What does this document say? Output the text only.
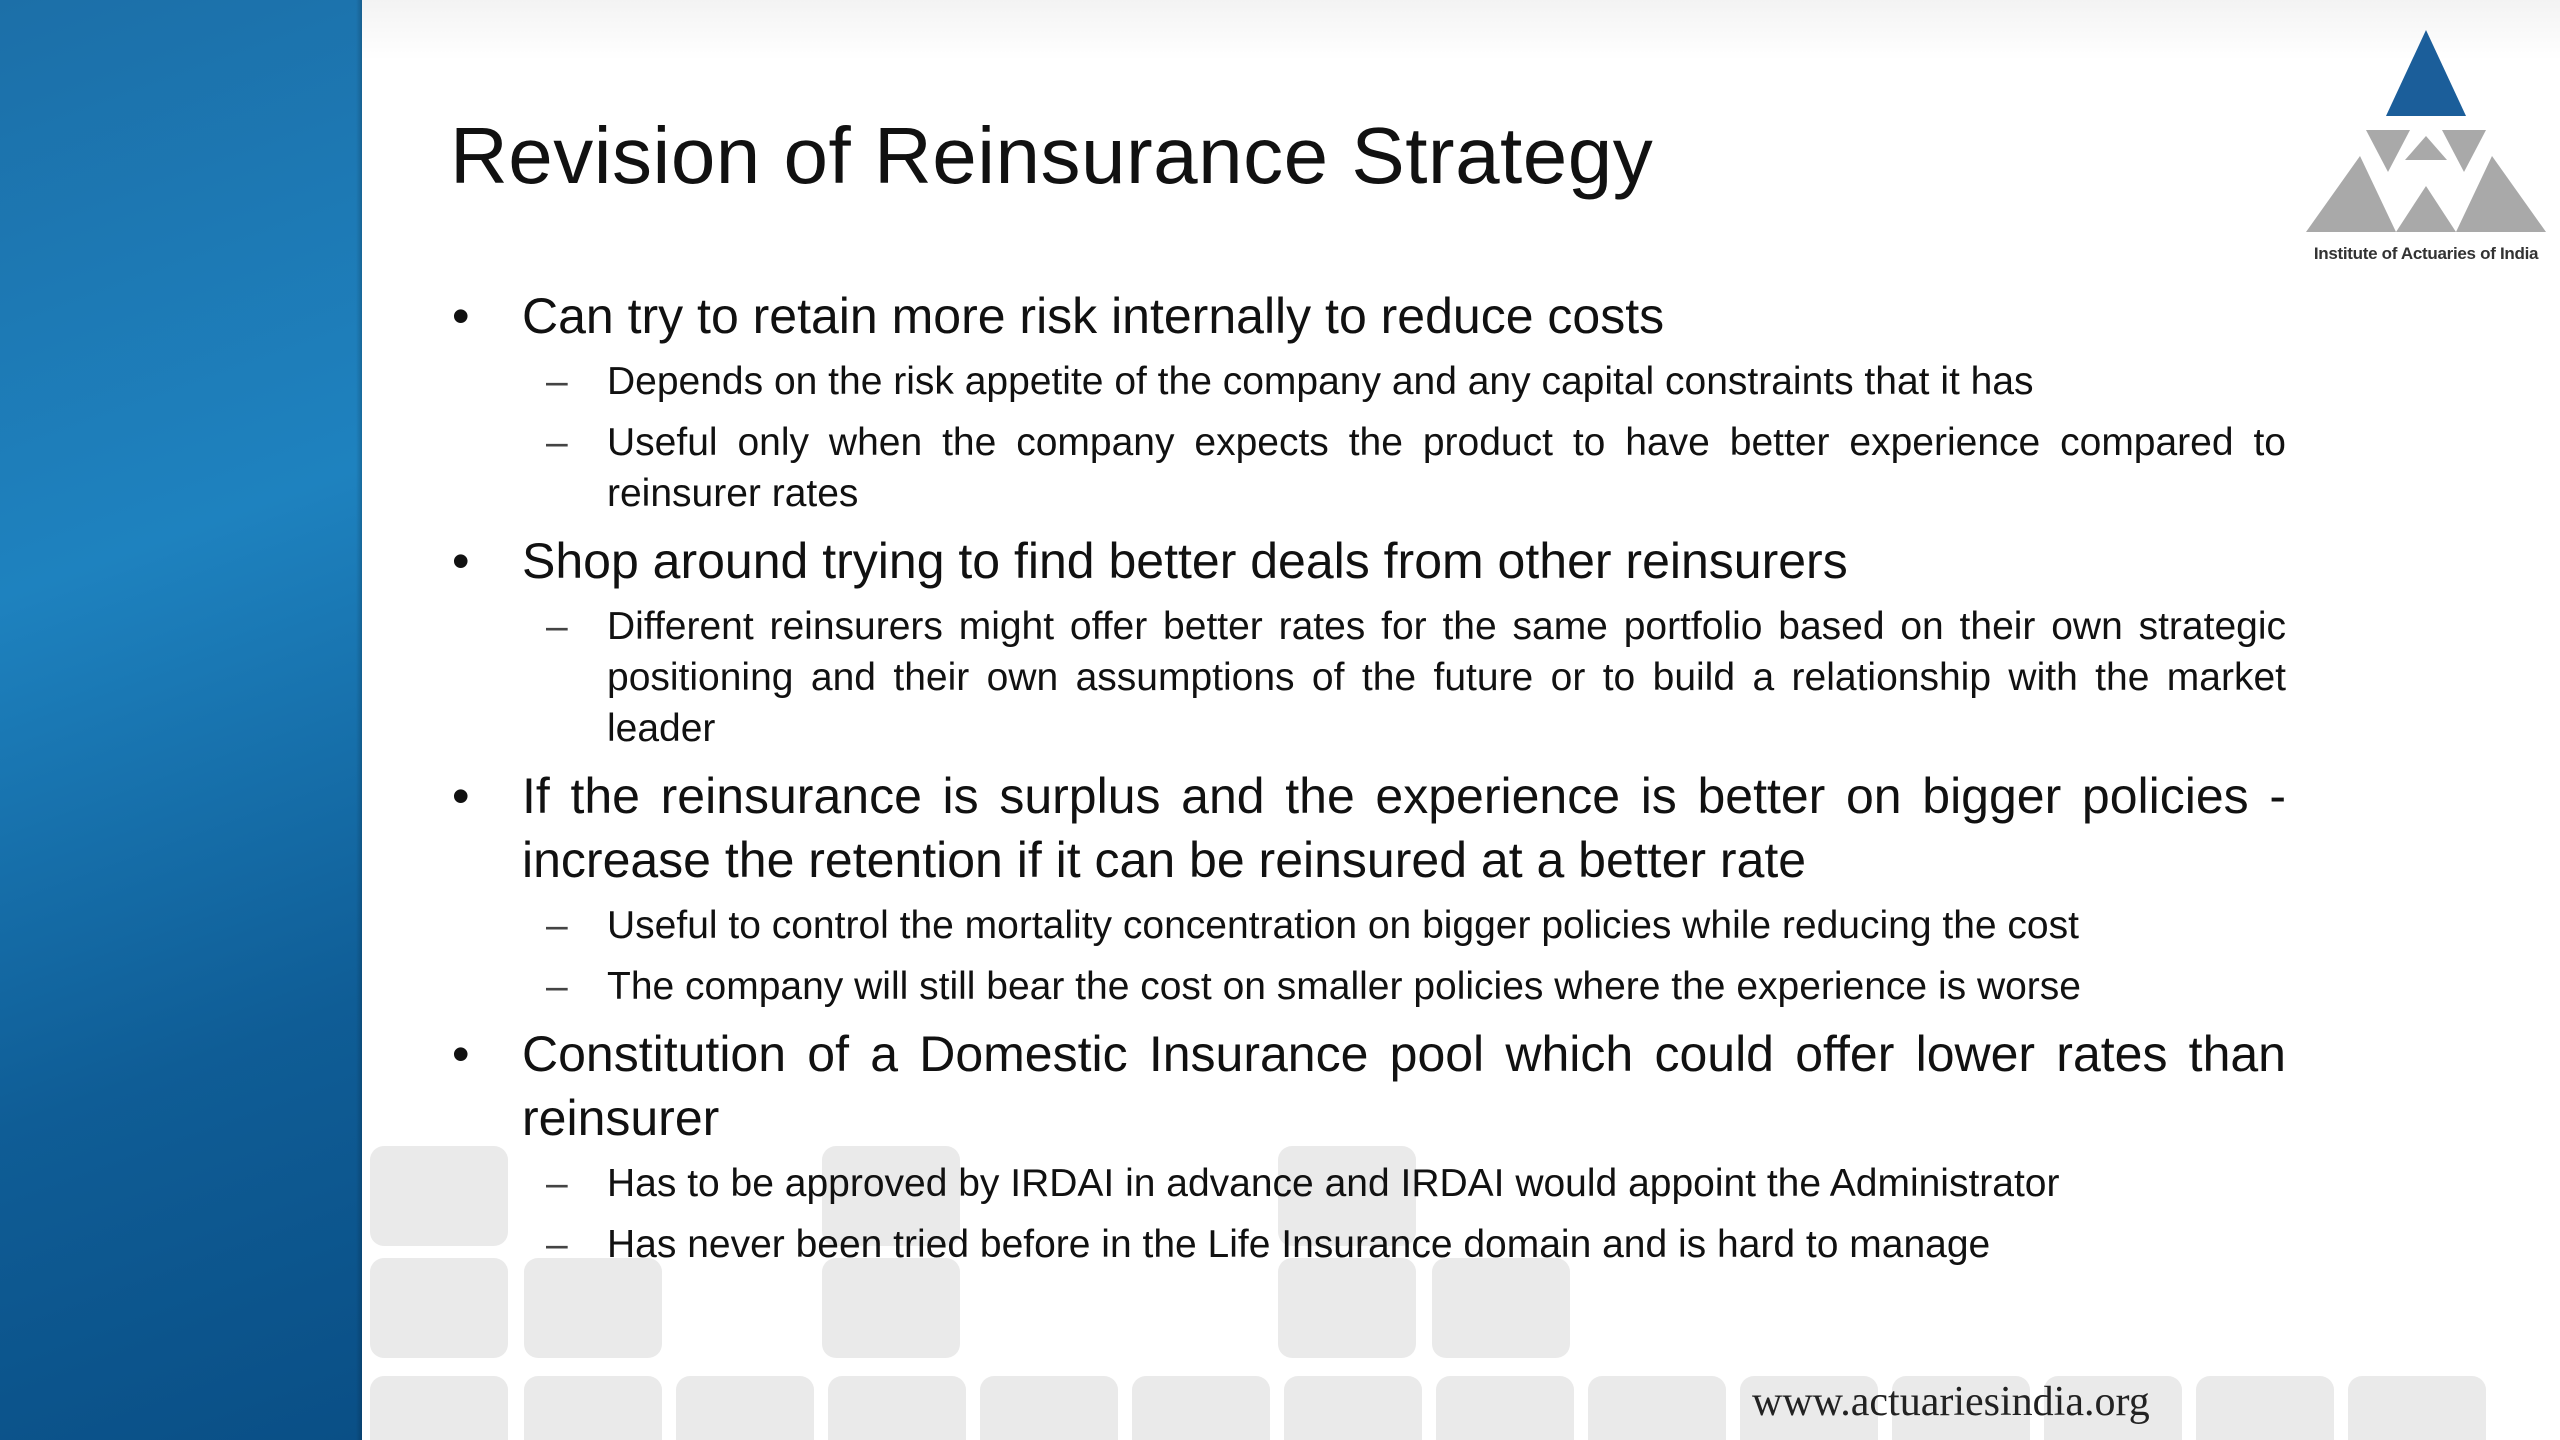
Revision of Reinsurance Strategy
Institute of Actuaries of India
• Can try to retain more risk internally to reduce costs
– Depends on the risk appetite of the company and any capital constraints that it has
– Useful only when the company expects the product to have better experience compared to reinsurer rates
• Shop around trying to find better deals from other reinsurers
– Different reinsurers might offer better rates for the same portfolio based on their own strategic positioning and their own assumptions of the future or to build a relationship with the market leader
• If the reinsurance is surplus and the experience is better on bigger policies - increase the retention if it can be reinsured at a better rate
– Useful to control the mortality concentration on bigger policies while reducing the cost
– The company will still bear the cost on smaller policies where the experience is worse
• Constitution of a Domestic Insurance pool which could offer lower rates than reinsurer
– Has to be approved by IRDAI in advance and IRDAI would appoint the Administrator
– Has never been tried before in the Life Insurance domain and is hard to manage
www.actuariesindia.org
